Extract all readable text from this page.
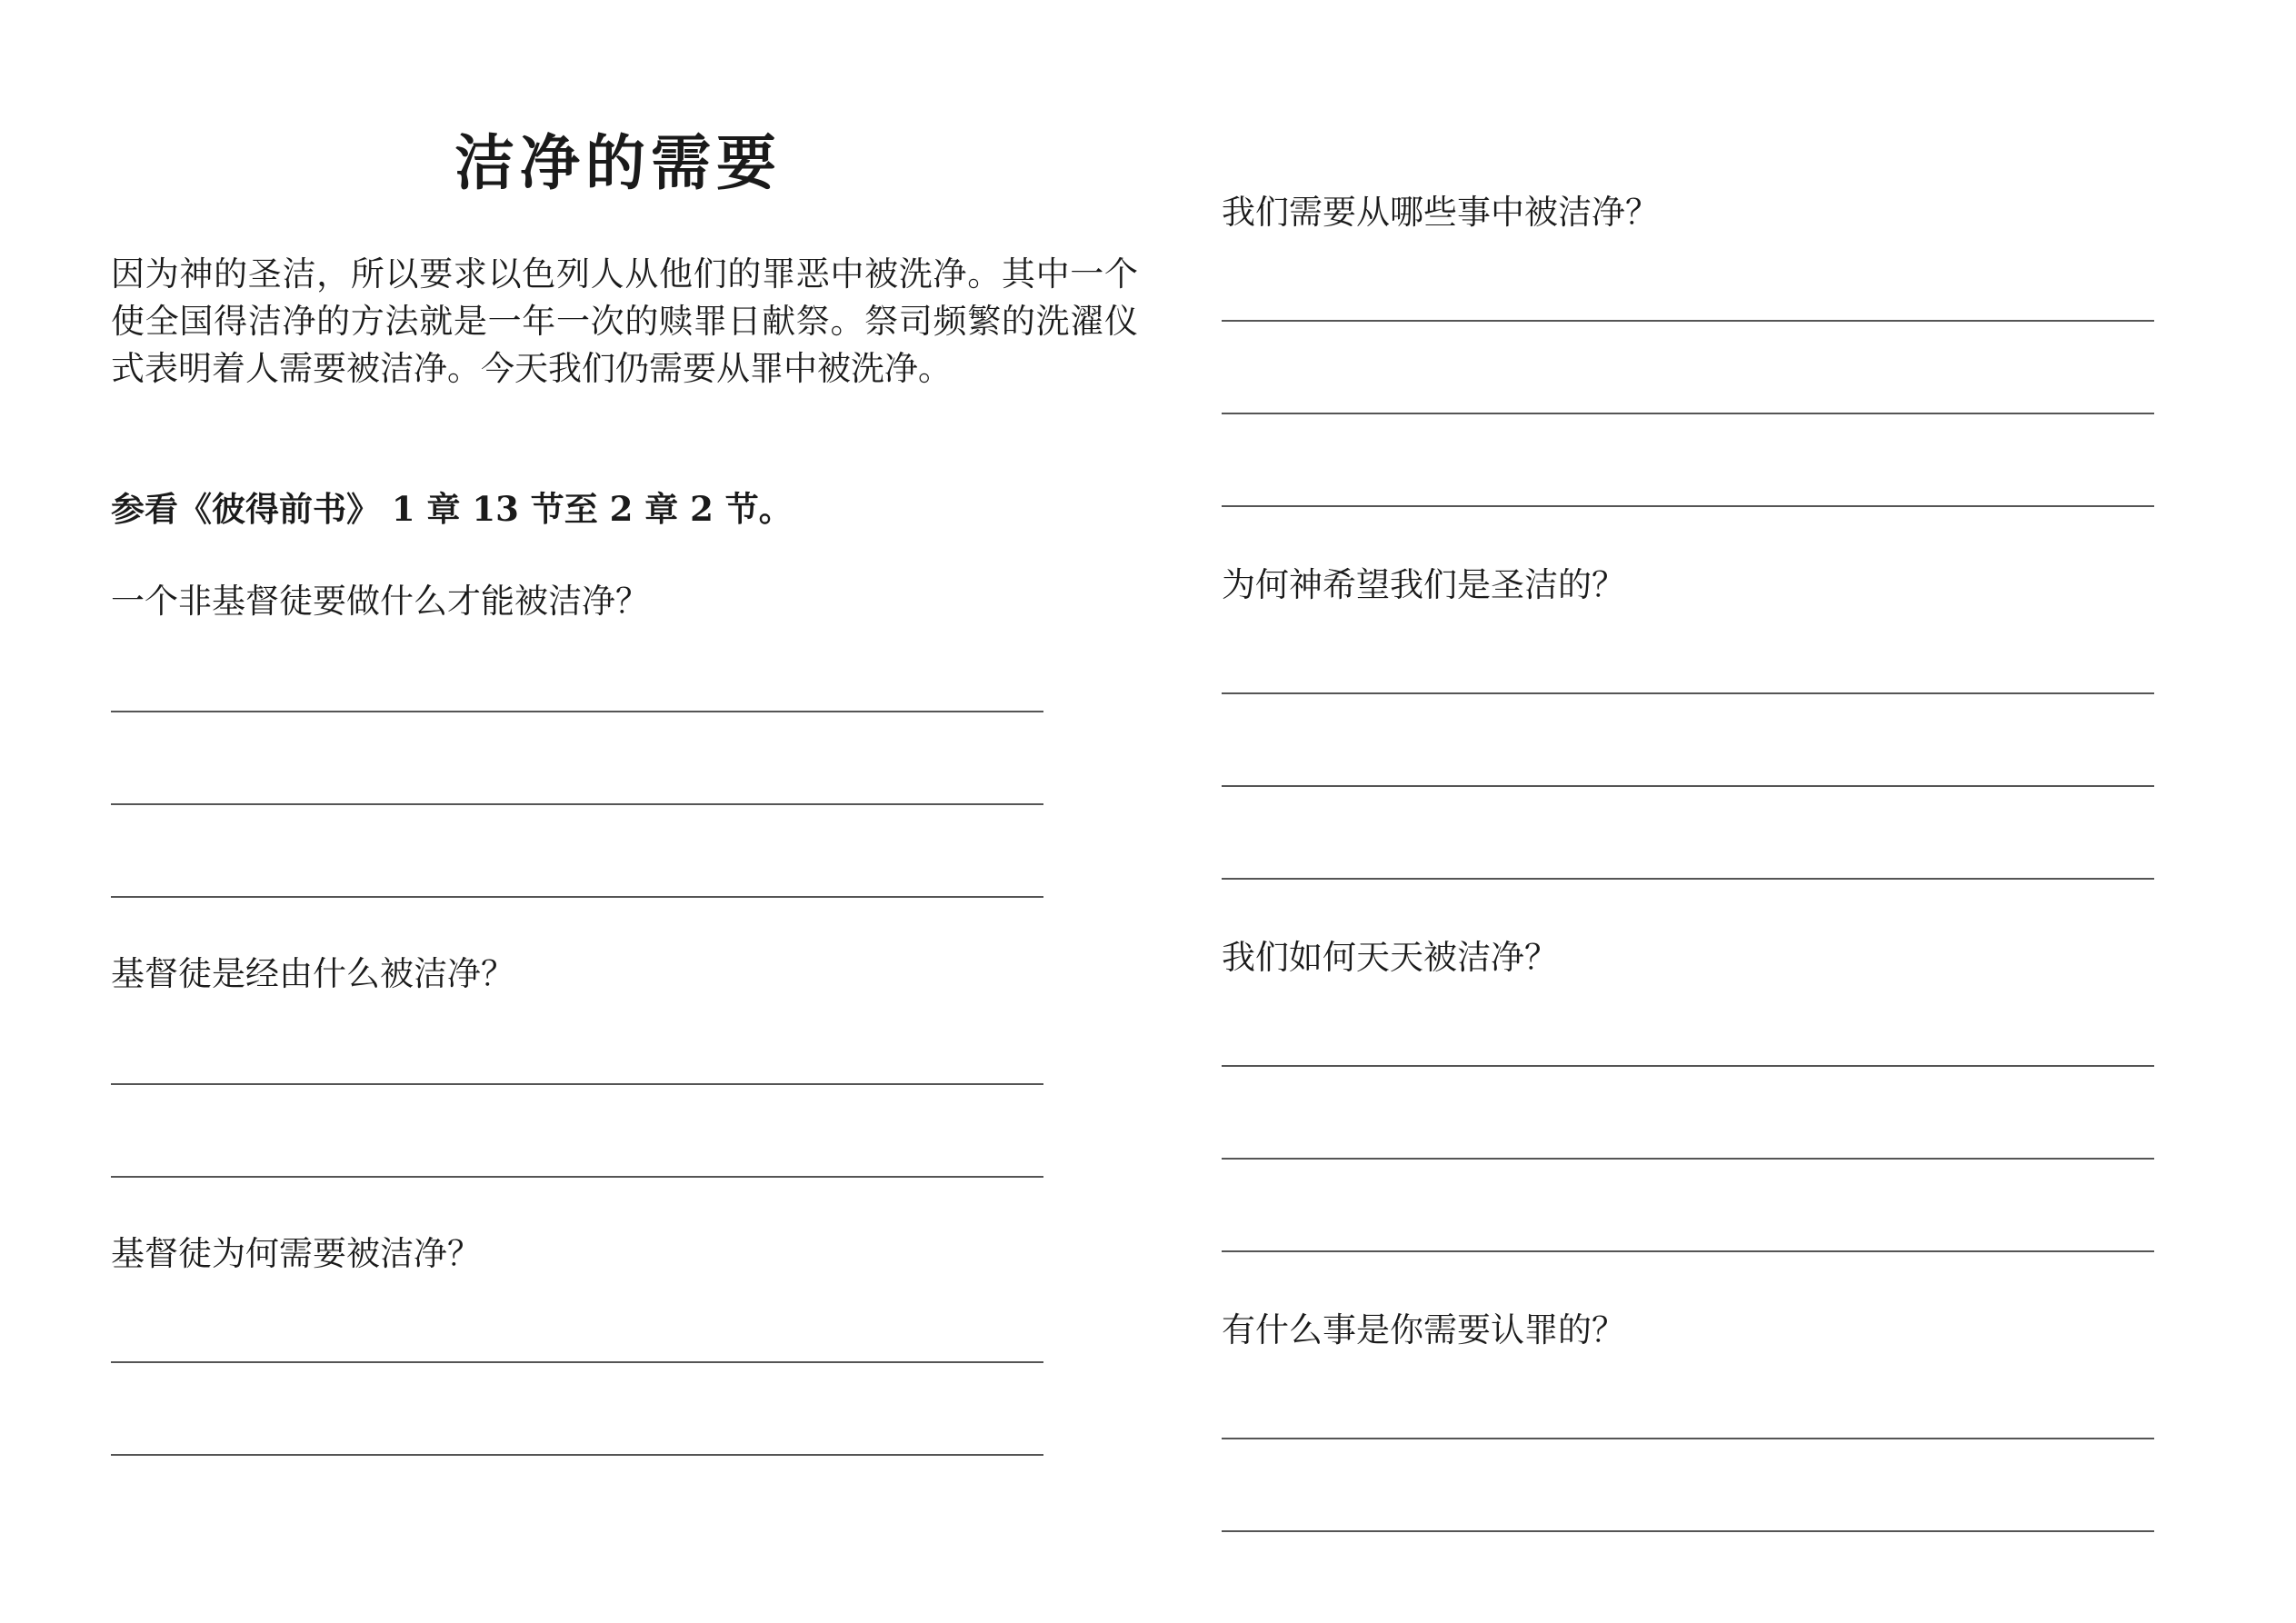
洁净的需要

因为神的圣洁，所以要求以色列人从他们的罪恶中被洗净。其中一个使全国得洁净的方法就是一年一次的赎罪日献祭。祭司频繁的洗濯仪式表明着人需要被洁净。今天我们仍需要从罪中被洗净。

参看《彼得前书》 1 章 13 节至 2 章 2 节。

一个非基督徒要做什么才能被洁净？

基督徒是经由什么被洁净？

基督徒为何需要被洁净？

我们需要从哪些事中被洁净？

为何神希望我们是圣洁的？

我们如何天天被洁净？

有什么事是你需要认罪的？
